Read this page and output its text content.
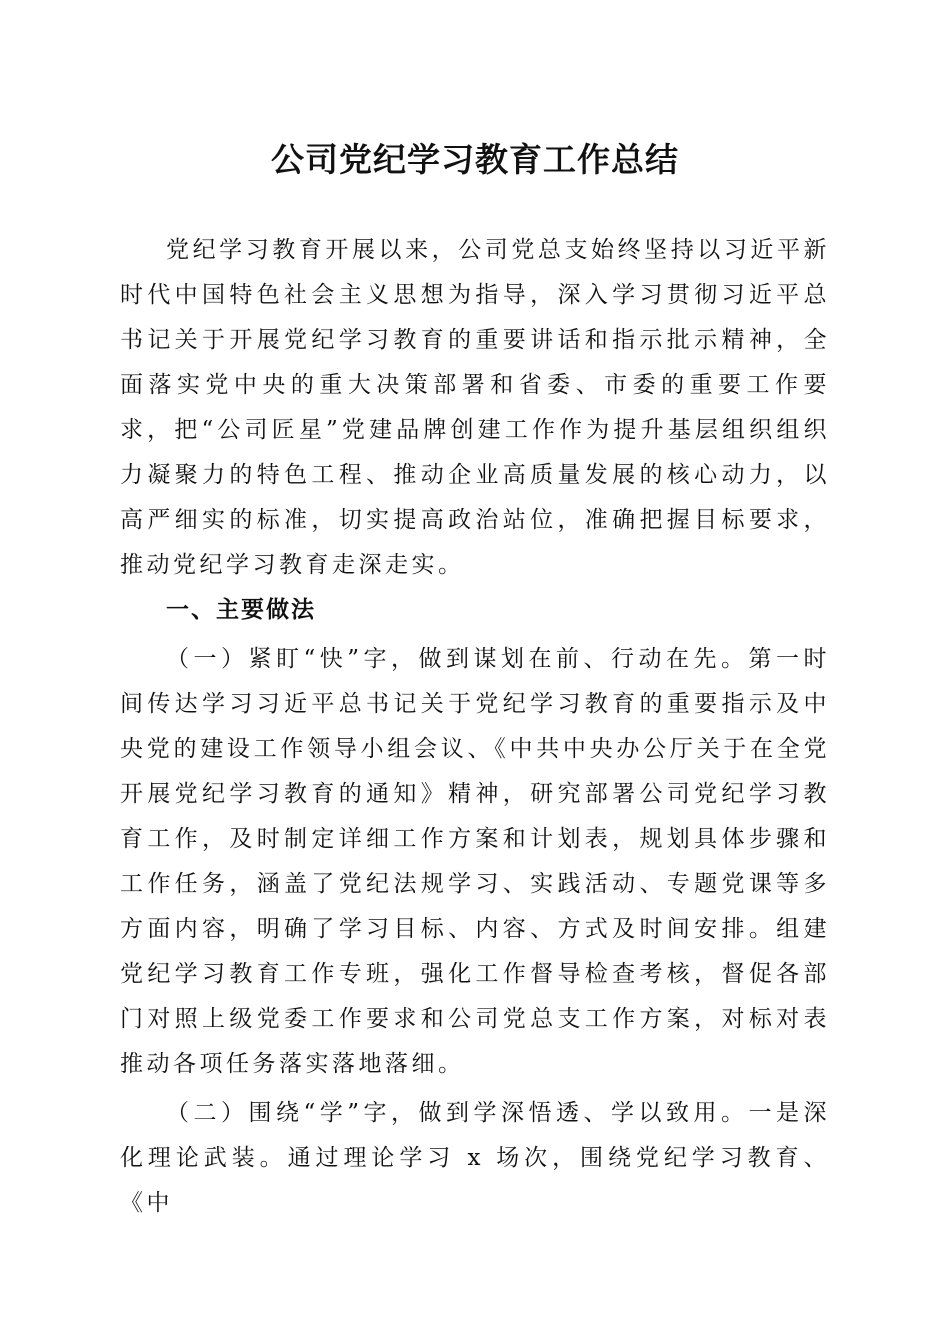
公司党纪学习教育工作总结

党纪学习教育开展以来，公司党总支始终坚持以习近平新时代中国特色社会主义思想为指导，深入学习贯彻习近平总书记关于开展党纪学习教育的重要讲话和指示批示精神，全面落实党中央的重大决策部署和省委、市委的重要工作要求，把“公司匠星”党建品牌创建工作作为提升基层组织组织力凝聚力的特色工程、推动企业高质量发展的核心动力，以高严细实的标准，切实提高政治站位，准确把握目标要求，推动党纪学习教育走深走实。

一、主要做法

（一）紧盯“快”字，做到谋划在前、行动在先。第一时间传达学习习近平总书记关于党纪学习教育的重要指示及中央党的建设工作领导小组会议、《中共中央办公厅关于在全党开展党纪学习教育的通知》精神，研究部署公司党纪学习教育工作，及时制定详细工作方案和计划表，规划具体步骤和工作任务，涵盖了党纪法规学习、实践活动、专题党课等多方面内容，明确了学习目标、内容、方式及时间安排。组建党纪学习教育工作专班，强化工作督导检查考核，督促各部门对照上级党委工作要求和公司党总支工作方案，对标对表推动各项任务落实落地落细。

（二）围绕“学”字，做到学深悟透、学以致用。一是深化理论武装。通过理论学习 x 场次，围绕党纪学习教育、《中
